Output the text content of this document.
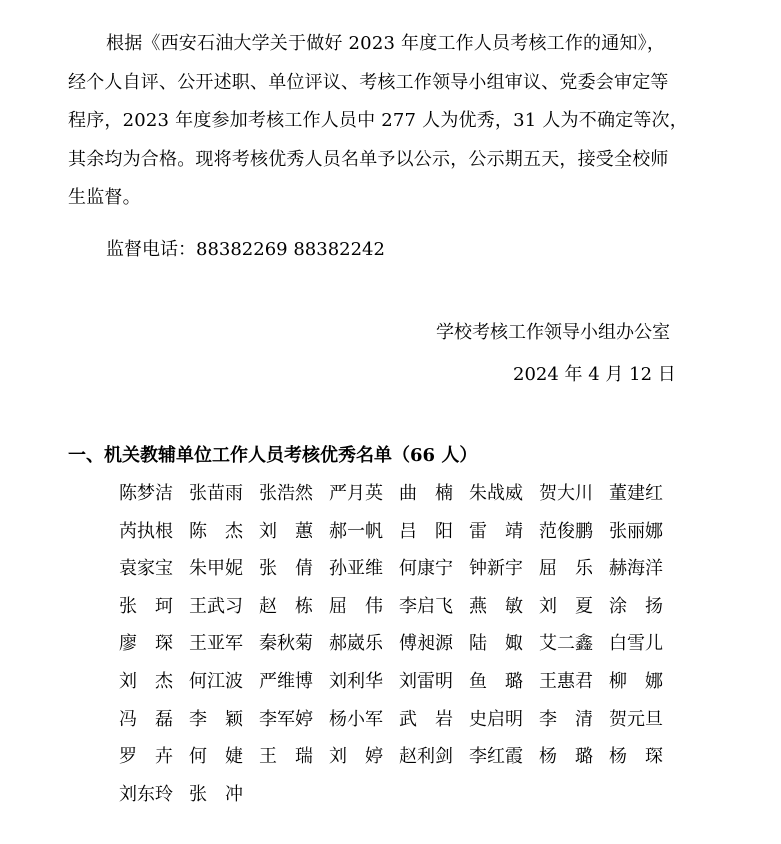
根据《西安石油大学关于做好 2023 年度工作人员考核工作的通知》，
经个人自评、公开述职、单位评议、考核工作领导小组审议、党委会审定等
程序，2023 年度参加考核工作人员中 277 人为优秀，31 人为不确定等次，
其余均为合格。现将考核优秀人员名单予以公示，公示期五天，接受全校师
生监督。
监督电话：88382269 88382242
学校考核工作领导小组办公室
2024 年 4 月 12 日
一、机关教辅单位工作人员考核优秀名单（66 人）
陈梦洁 张苗雨 张浩然 严月英 曲楠
朱战威 贺大川 董建红
芮执根 陈杰
刘蕙
郝一帆 吕阳
雷靖
范俊鹏 张丽娜
袁家宝 朱甲妮 张倩
孙亚维 何康宁 钟新宇 屈乐
赫海洋
张珂
王武习 赵栋
屈伟
李启飞 燕敏
刘夏
涂扬
廖琛
王亚军 秦秋菊 郝崴乐 傅昶源 陆娵
艾二鑫 白雪儿
刘杰
何江波 严维博 刘利华 刘雷明 鱼璐
王惠君 柳娜
冯磊
李颖
李军婷 杨小军 武岩
史启明 李清
贺元旦
罗卉
何婕
王瑞
刘婷
赵利剑 李红霞 杨璐
杨琛
刘东玲 张冲
